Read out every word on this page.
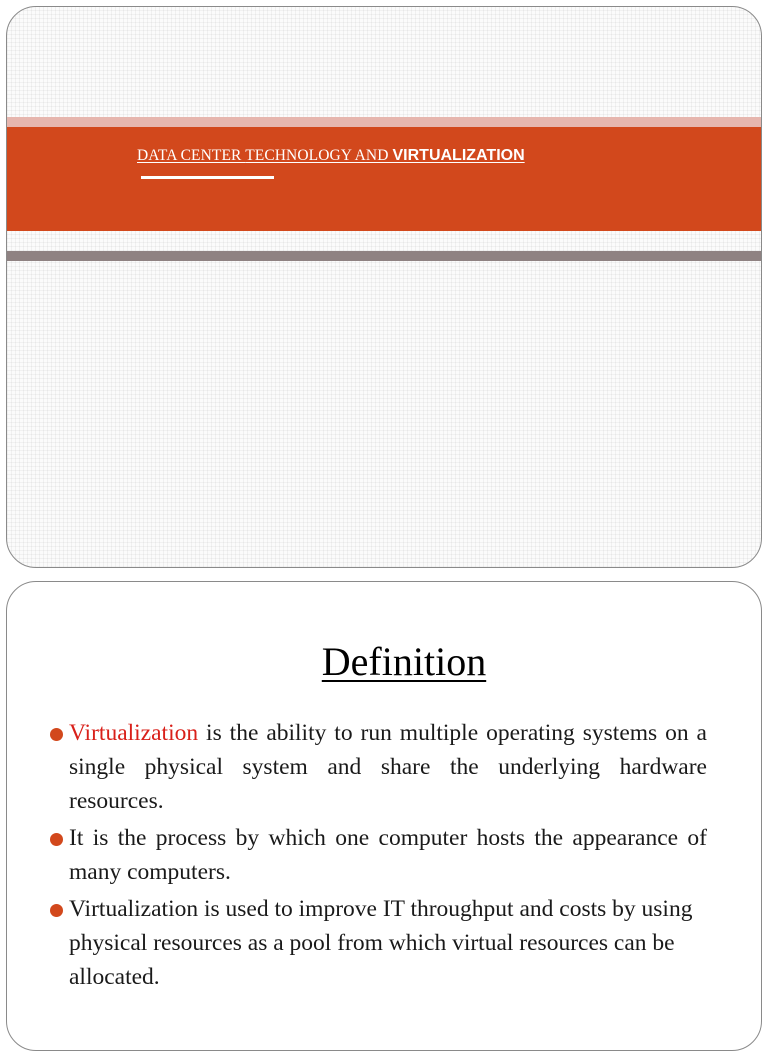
DATA CENTER TECHNOLOGY AND VIRTUALIZATION
Definition
Virtualization is the ability to run multiple operating systems on a single physical system and share the underlying hardware resources.
It is the process by which one computer hosts the appearance of many computers.
Virtualization is used to improve IT throughput and costs by using physical resources as a pool from which virtual resources can be allocated.
